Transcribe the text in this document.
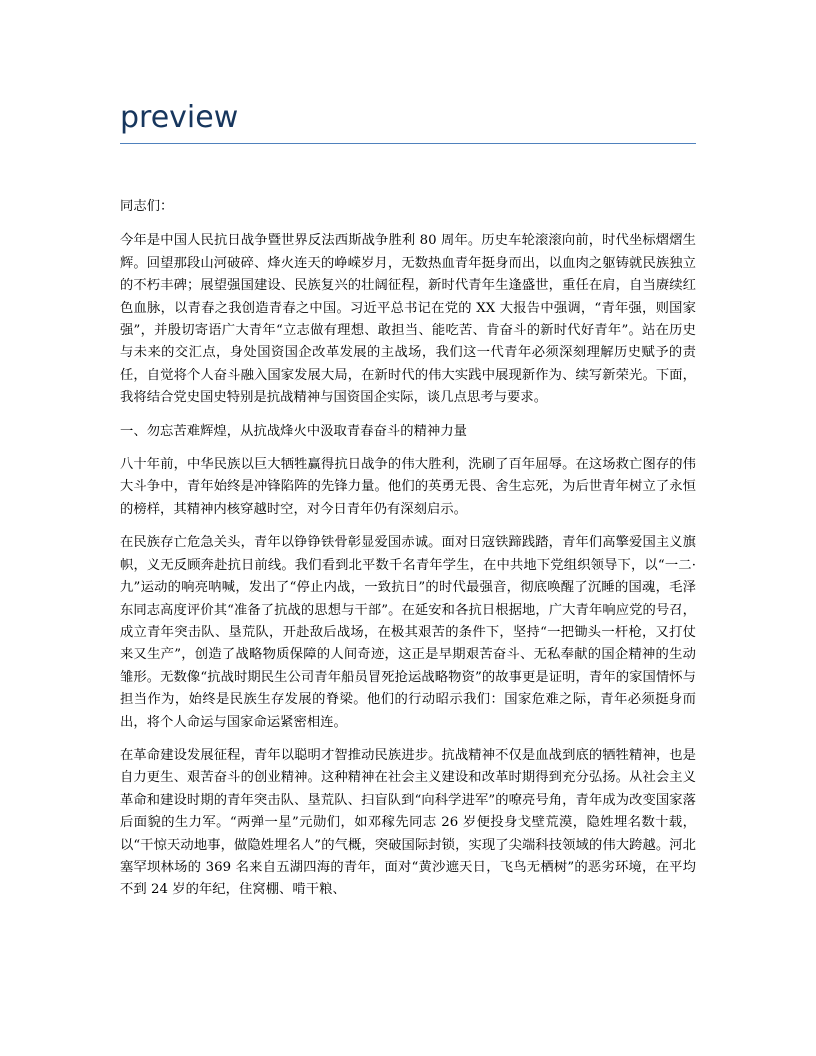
preview

同志们：

今年是中国人民抗日战争暨世界反法西斯战争胜利 80 周年。历史车轮滚滚向前，时代坐标熠熠生辉。回望那段山河破碎、烽火连天的峥嵘岁月，无数热血青年挺身而出，以血肉之躯铸就民族独立的不朽丰碑；展望强国建设、民族复兴的壮阔征程，新时代青年生逢盛世，重任在肩，自当赓续红色血脉，以青春之我创造青春之中国。习近平总书记在党的 XX 大报告中强调，“青年强，则国家强”，并殷切寄语广大青年“立志做有理想、敢担当、能吃苦、肯奋斗的新时代好青年”。站在历史与未来的交汇点，身处国资国企改革发展的主战场，我们这一代青年必须深刻理解历史赋予的责任，自觉将个人奋斗融入国家发展大局，在新时代的伟大实践中展现新作为、续写新荣光。下面，我将结合党史国史特别是抗战精神与国资国企实际，谈几点思考与要求。

一、勿忘苦难辉煌，从抗战烽火中汲取青春奋斗的精神力量

八十年前，中华民族以巨大牺牲赢得抗日战争的伟大胜利，洗刷了百年屈辱。在这场救亡图存的伟大斗争中，青年始终是冲锋陷阵的先锋力量。他们的英勇无畏、舍生忘死，为后世青年树立了永恒的榜样，其精神内核穿越时空，对今日青年仍有深刻启示。

在民族存亡危急关头，青年以铮铮铁骨彰显爱国赤诚。面对日寇铁蹄践踏，青年们高擎爱国主义旗帜，义无反顾奔赴抗日前线。我们看到北平数千名青年学生，在中共地下党组织领导下，以“一二·九”运动的响亮呐喊，发出了“停止内战，一致抗日”的时代最强音，彻底唤醒了沉睡的国魂，毛泽东同志高度评价其“准备了抗战的思想与干部”。在延安和各抗日根据地，广大青年响应党的号召，成立青年突击队、垦荒队，开赴敌后战场，在极其艰苦的条件下，坚持“一把锄头一杆枪，又打仗来又生产”，创造了战略物质保障的人间奇迹，这正是早期艰苦奋斗、无私奉献的国企精神的生动雏形。无数像“抗战时期民生公司青年船员冒死抢运战略物资”的故事更是证明，青年的家国情怀与担当作为，始终是民族生存发展的脊梁。他们的行动昭示我们：国家危难之际，青年必须挺身而出，将个人命运与国家命运紧密相连。

在革命建设发展征程，青年以聪明才智推动民族进步。抗战精神不仅是血战到底的牺牲精神，也是自力更生、艰苦奋斗的创业精神。这种精神在社会主义建设和改革时期得到充分弘扬。从社会主义革命和建设时期的青年突击队、垦荒队、扫盲队到“向科学进军”的嘹亮号角，青年成为改变国家落后面貌的生力军。“两弹一星”元勋们，如邓稼先同志 26 岁便投身戈壁荒漠，隐姓埋名数十载，以“干惊天动地事，做隐姓埋名人”的气概，突破国际封锁，实现了尖端科技领域的伟大跨越。河北塞罕坝林场的 369 名来自五湖四海的青年，面对“黄沙遮天日，飞鸟无栖树”的恶劣环境，在平均不到 24 岁的年纪，住窝棚、啃干粮、
